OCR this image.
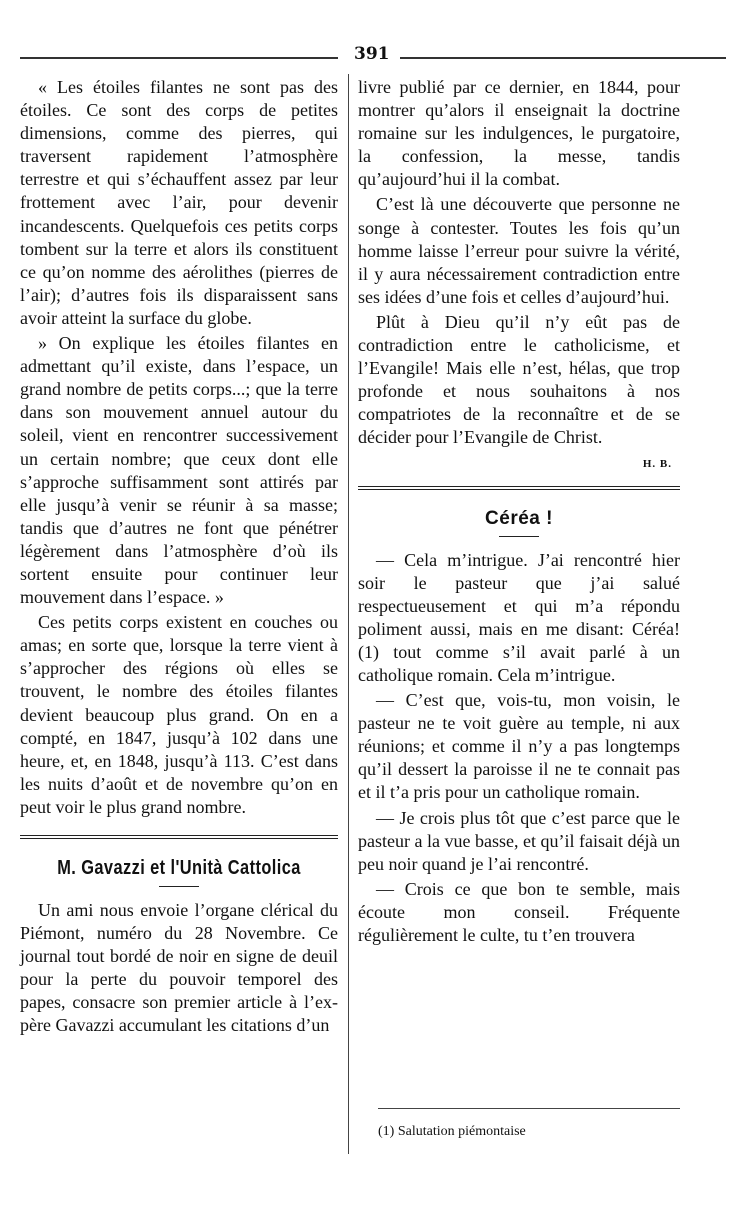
391

« Les étoiles filantes ne sont pas des étoiles. Ce sont des corps de petites dimensions, comme des pierres, qui traversent rapidement l’atmosphère terrestre et qui s’échauffent assez par leur frottement avec l’air, pour devenir incandescents. Quelquefois ces petits corps tombent sur la terre et alors ils constituent ce qu’on nomme des aérolithes (pierres de l’air); d’autres fois ils disparaissent sans avoir atteint la surface du globe.

» On explique les étoiles filantes en admettant qu’il existe, dans l’espace, un grand nombre de petits corps...; que la terre dans son mouvement annuel autour du soleil, vient en rencontrer successivement un certain nombre; que ceux dont elle s’approche suffisamment sont attirés par elle jusqu’à venir se réunir à sa masse; tandis que d’autres ne font que pénétrer légèrement dans l’atmosphère d’où ils sortent ensuite pour continuer leur mouvement dans l’espace. »

Ces petits corps existent en couches ou amas; en sorte que, lorsque la terre vient à s’approcher des régions où elles se trouvent, le nombre des étoiles filantes devient beaucoup plus grand. On en a compté, en 1847, jusqu’à 102 dans une heure, et, en 1848, jusqu’à 113. C’est dans les nuits d’août et de novembre qu’on en peut voir le plus grand nombre.

M. Gavazzi et l'Unità Cattolica

Un ami nous envoie l’organe clérical du Piémont, numéro du 28 Novembre. Ce journal tout bordé de noir en signe de deuil pour la perte du pouvoir temporel des papes, consacre son premier article à l’ex-père Gavazzi accumulant les citations d’un

livre publié par ce dernier, en 1844, pour montrer qu’alors il enseignait la doctrine romaine sur les indulgences, le purgatoire, la confession, la messe, tandis qu’aujourd’hui il la combat.

C’est là une découverte que personne ne songe à contester. Toutes les fois qu’un homme laisse l’erreur pour suivre la vérité, il y aura nécessairement contradiction entre ses idées d’une fois et celles d’aujourd’hui.

Plût à Dieu qu’il n’y eût pas de contradiction entre le catholicisme, et l’Evangile! Mais elle n’est, hélas, que trop profonde et nous souhaitons à nos compatriotes de la reconnaître et de se décider pour l’Evangile de Christ.

H. B.
Céréa !

— Cela m’intrigue. J’ai rencontré hier soir le pasteur que j’ai salué respectueusement et qui m’a répondu poliment aussi, mais en me disant: Céréa! (1) tout comme s’il avait parlé à un catholique romain. Cela m’intrigue.

— C’est que, vois-tu, mon voisin, le pasteur ne te voit guère au temple, ni aux réunions; et comme il n’y a pas longtemps qu’il dessert la paroisse il ne te connait pas et il t’a pris pour un catholique romain.

— Je crois plus tôt que c’est parce que le pasteur a la vue basse, et qu’il faisait déjà un peu noir quand je l’ai rencontré.

— Crois ce que bon te semble, mais écoute mon conseil. Fréquente régulièrement le culte, tu t’en trouvera

(1) Salutation piémontaise
